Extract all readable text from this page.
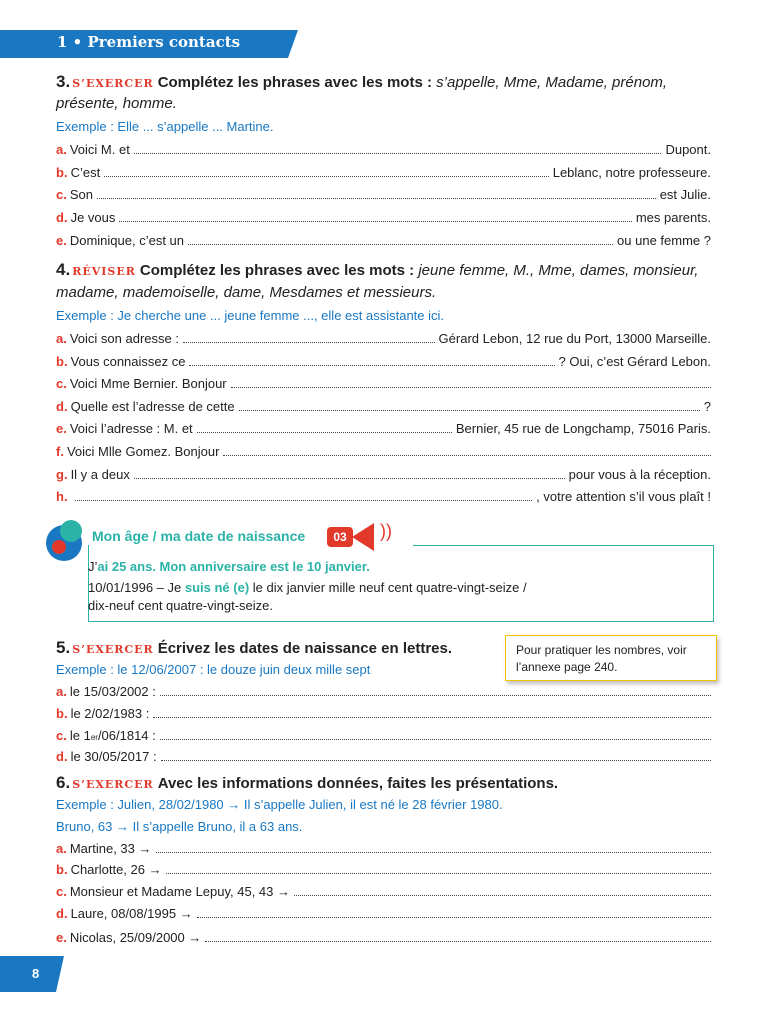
1 • Premiers contacts
3. S’EXERCER Complétez les phrases avec les mots : s’appelle, Mme, Madame, prénom,
présente, homme.
Exemple : Elle ... s’appelle ... Martine.
a. Voici M. et	Dupont.
b. C’est	Leblanc, notre professeure.
c. Son	est Julie.
d. Je vous	mes parents.
e. Dominique, c’est un	ou une femme ?
4. RÉVISER Complétez les phrases avec les mots : jeune femme, M., Mme, dames, monsieur,
madame, mademoiselle, dame, Mesdames et messieurs.
Exemple : Je cherche une ... jeune femme ..., elle est assistante ici.
a. Voici son adresse :	Gérard Lebon, 12 rue du Port, 13000 Marseille.
b. Vous connaissez ce	? Oui, c’est Gérard Lebon.
c. Voici Mme Bernier. Bonjour
d. Quelle est l’adresse de cette	?
e. Voici l’adresse : M. et	Bernier, 45 rue de Longchamp, 75016 Paris.
f. Voici Mlle Gomez. Bonjour
g. Il y a deux	pour vous à la réception.
h.	, votre attention s’il vous plaît !
Mon âge / ma date de naissance	03	))
J’ai 25 ans. Mon anniversaire est le 10 janvier.
10/01/1996 – Je suis né (e) le dix janvier mille neuf cent quatre-vingt-seize /
dix-neuf cent quatre-vingt-seize.
5. S’EXERCER Écrivez les dates de naissance en lettres.
Exemple : le 12/06/2007 : le douze juin deux mille sept
Pour pratiquer les nombres, voir l’annexe page 240.
a. le 15/03/2002 :
b. le 2/02/1983 :
c. le 1 er /06/1814 :
d. le 30/05/2017 :
6. S’EXERCER Avec les informations données, faites les présentations.
Exemple : Julien, 28/02/1980 → Il s’appelle Julien, il est né le 28 février 1980.
Bruno, 63 → Il s’appelle Bruno, il a 63 ans.
a. Martine, 33 →
b. Charlotte, 26 →
c. Monsieur et Madame Lepuy, 45, 43 →
d. Laure, 08/08/1995 →
e. Nicolas, 25/09/2000 →
8
